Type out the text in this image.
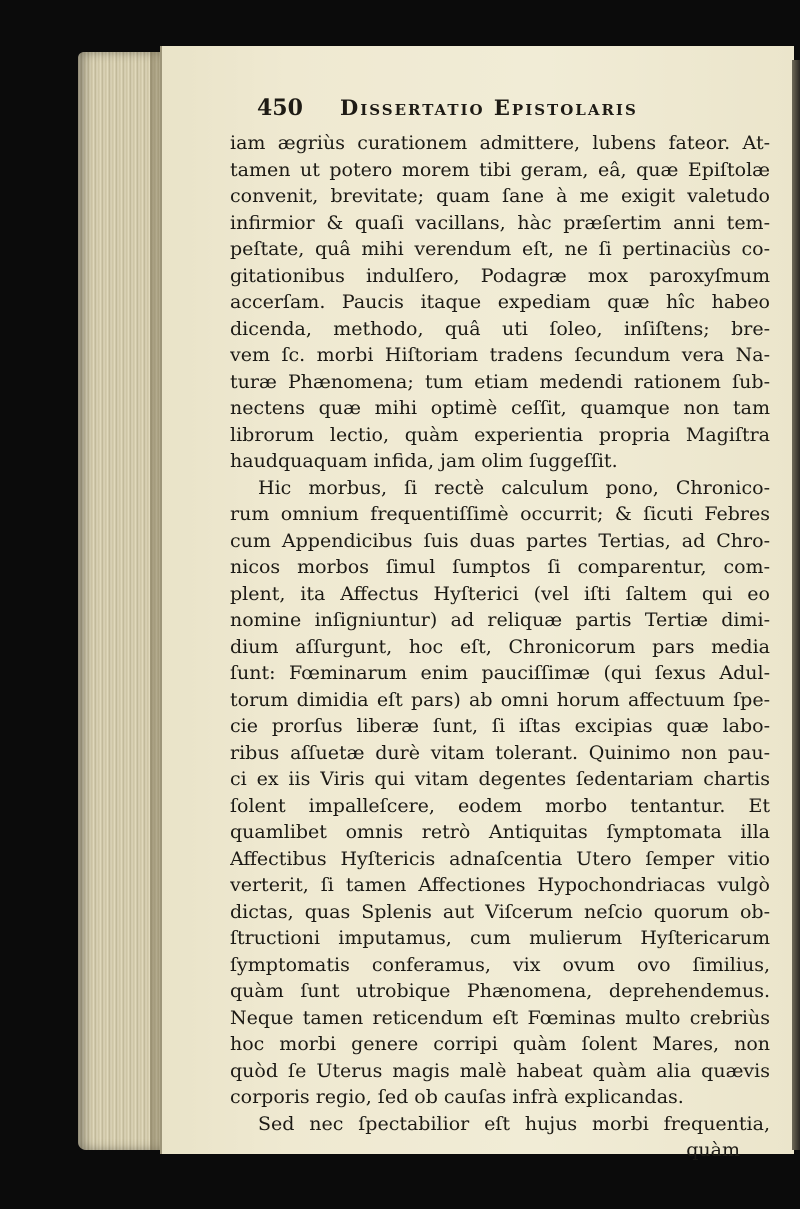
450 Dissertatio Epistolaris
iam ægriùs curationem admittere, lubens fateor. At-
tamen ut potero morem tibi geram, eâ, quæ Epiſtolæ
convenit, brevitate; quam ſane à me exigit valetudo
infirmior & quaſi vacillans, hàc præſertim anni tem-
peſtate, quâ mihi verendum eſt, ne ſi pertinaciùs co-
gitationibus indulſero, Podagræ mox paroxyſmum
accerſam. Paucis itaque expediam quæ hîc habeo
dicenda, methodo, quâ uti ſoleo, inſiſtens; bre-
vem ſc. morbi Hiſtoriam tradens ſecundum vera Na-
turæ Phænomena; tum etiam medendi rationem ſub-
nectens quæ mihi optimè ceſſit, quamque non tam
librorum lectio, quàm experientia propria Magiſtra
haudquaquam infida, jam olim ſuggeſſit.
Hic morbus, ſi rectè calculum pono, Chronico-
rum omnium frequentiſſimè occurrit; & ſicuti Febres
cum Appendicibus ſuis duas partes Tertias, ad Chro-
nicos morbos ſimul ſumptos ſi comparentur, com-
plent, ita Affectus Hyſterici (vel iſti ſaltem qui eo
nomine inſigniuntur) ad reliquæ partis Tertiæ dimi-
dium aſſurgunt, hoc eſt, Chronicorum pars media
ſunt: Fœminarum enim pauciſſimæ (qui ſexus Adul-
torum dimidia eſt pars) ab omni horum affectuum ſpe-
cie prorſus liberæ ſunt, ſi iſtas excipias quæ labo-
ribus aſſuetæ durè vitam tolerant. Quinimo non pau-
ci ex iis Viris qui vitam degentes ſedentariam chartis
ſolent impalleſcere, eodem morbo tentantur. Et
quamlibet omnis retrò Antiquitas ſymptomata illa
Affectibus Hyſtericis adnaſcentia Utero ſemper vitio
verterit, ſi tamen Affectiones Hypochondriacas vulgò
dictas, quas Splenis aut Viſcerum neſcio quorum ob-
ſtructioni imputamus, cum mulierum Hyſtericarum
ſymptomatis conferamus, vix ovum ovo ſimilius,
quàm ſunt utrobique Phænomena, deprehendemus.
Neque tamen reticendum eſt Fœminas multo crebriùs
hoc morbi genere corripi quàm ſolent Mares, non
quòd ſe Uterus magis malè habeat quàm alia quævis
corporis regio, ſed ob cauſas infrà explicandas.
Sed nec ſpectabilior eſt hujus morbi frequentia,
quàm
